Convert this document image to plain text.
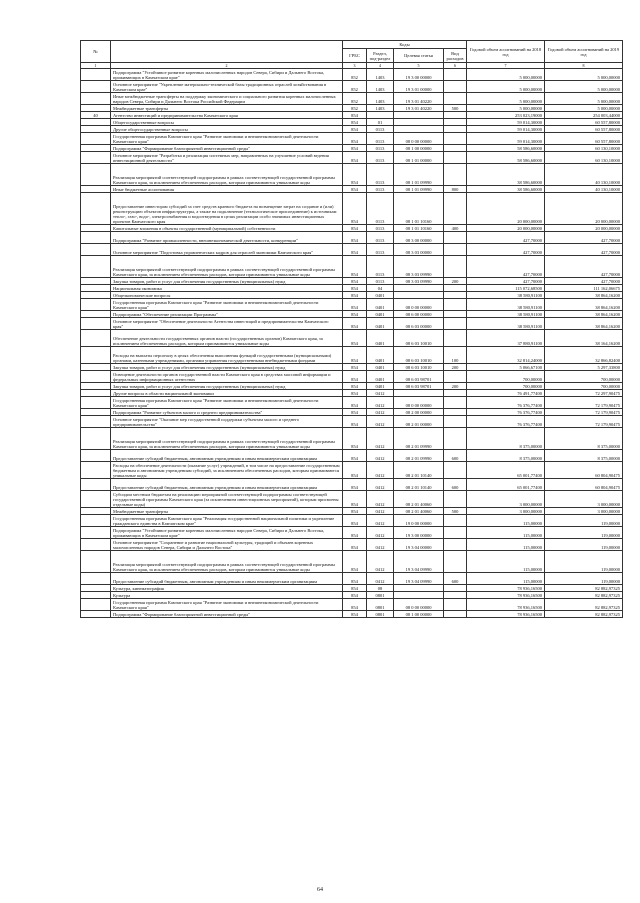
№		Коды				Годовой объем ассигнований на 2018 год	Годовой объем ассигнований на 2019 год
		ГРБС	Раздел, под-раздел	Целевая статья	Вид расходов		
1	2	3	4	5	6	7	8
	Подпрограмма "Устойчивое развитие коренных малочисленных народов Севера, Сибири и Дальнего Востока, проживающих в Камчатском крае"	852	1403	19 3 00 00000		5 000,00000	5 000,00000
	Основное мероприятие "Укрепление материально-технической базы традиционных отраслей хозяйствования в Камчатском крае"	852	1403	19 3 01 00000		5 000,00000	5 000,00000
	Иные межбюджетные трансферты на поддержку экономического и социального развития коренных малочисленных народов Севера, Сибири и Дальнего Востока Российской Федерации	852	1403	19 3 01 40220		5 000,00000	5 000,00000
	Межбюджетные трансферты	852	1403	19 3 01 40220	500	5 000,00000	5 000,00000
40	Агентство инвестиций и предпринимательства Камчатского края	854				253 023,19000	254 003,44000
	Общегосударственные вопросы	854	01			59 014,30000	60 557,80000
	Другие общегосударственные вопросы	854	0113			59 014,30000	60 557,80000
	Государственная программа Камчатского края "Развитие экономики и внешнеэкономической деятельности Камчатского края"	854	0113	08 0 00 00000		59 014,30000	60 557,80000
	Подпрограмма "Формирование благоприятной инвестиционной среды"	854	0113	08 1 00 00000		58 586,60000	60 130,10000
	Основное мероприятие "Разработка и реализация системных мер, направленных на улучшение условий ведения инвестиционной деятельности"	854	0113	08 1 01 00000		58 586,60000	60 130,10000
	Реализация мероприятий соответствующей подпрограммы в рамках соответствующей государственной программы Камчатского края, за исключением обеспеченных расходов, которым присваиваются уникальные коды	854	0113	08 1 01 09990		38 586,60000	40 130,10000
	Иные бюджетные ассигнования	854	0113	08 1 01 09990	800	38 586,60000	40 130,10000
	Предоставление инвесторам субсидий за счет средств краевого бюджета на возмещение затрат на создание и (или) реконструкцию объектов инфраструктуры, а также на подключение (технологическое присоединение) к источникам тепло-, газо-, водо-, электроснабжения и водоотведения в целях реализации особо значимых инвестиционных проектов Камчатского края	854	0113	08 1 01 10160		20 000,00000	20 000,00000
	Капитальные вложения в объекты государственной (муниципальной) собственности	854	0113	08 1 01 10160	400	20 000,00000	20 000,00000
	Подпрограмма "Развитие промышленности, внешнеэкономической деятельности, конкуренции"	854	0113	08 3 00 00000		427,70000	427,70000
	Основное мероприятие "Подготовка управленческих кадров для отраслей экономики Камчатского края"	854	0113	08 3 03 00000		427,70000	427,70000
	Реализация мероприятий соответствующей подпрограммы в рамках соответствующей государственной программы Камчатского края, за исключением обеспеченных расходов, которым присваиваются уникальные коды	854	0113	08 3 03 09990		427,70000	427,70000
	Закупка товаров, работ и услуг для обеспечения государственных (муниципальных) нужд	854	0113	08 3 03 09990	200	427,70000	427,70000
	Национальная экономика	854	04			115 072,68500	111 162,06675
	Общеэкономические вопросы	854	0401			38 580,91100	38 864,16200
	Государственная программа Камчатского края "Развитие экономики и внешнеэкономической деятельности Камчатского края"	854	0401	08 0 00 00000		38 580,91100	38 864,16200
	Подпрограмма "Обеспечение реализации Программы"	854	0401	08 6 00 00000		38 580,91100	38 864,16200
	Основное мероприятие "Обеспечение деятельности Агентства инвестиций и предпринимательства Камчатского края"	854	0401	08 6 03 00000		38 580,91100	38 864,16200
	Обеспечение деятельности государственных органов власти (государственных органов) Камчатского края, за исключением обеспеченных расходов, которым присваиваются уникальные коды	854	0401	08 6 03 10010		37 880,91100	38 164,16200
	Расходы на выплаты персоналу в целях обеспечения выполнения функций государственными (муниципальными) органами, казенными учреждениями, органами управления государственными внебюджетными фондами	854	0401	08 6 03 10010	100	32 814,24000	32 866,82400
	Закупка товаров, работ и услуг для обеспечения государственных (муниципальных) нужд	854	0401	08 6 03 10010	200	5 066,67100	5 297,33800
	Освещение деятельности органов государственной власти Камчатского края в средствах массовой информации и федеральных информационных агентствах	854	0401	08 6 03 98701		700,00000	700,00000
	Закупка товаров, работ и услуг для обеспечения государственных (муниципальных) нужд	854	0401	08 6 03 98701	200	700,00000	700,00000
	Другие вопросы в области национальной экономики	854	0412			76 491,77400	72 297,90475
	Государственная программа Камчатского края "Развитие экономики и внешнеэкономической деятельности Камчатского края"	854	0412	08 0 00 00000		76 376,77400	72 179,90475
	Подпрограмма "Развитие субъектов малого и среднего предпринимательства"	854	0412	08 2 00 00000		76 376,77400	72 179,90475
	Основное мероприятие "Оказание мер государственной поддержки субъектам малого и среднего предпринимательства"	854	0412	08 2 01 00000		76 376,77400	72 179,90475
	Реализация мероприятий соответствующей подпрограммы в рамках соответствующей государственной программы Камчатского края, за исключением обеспеченных расходов, которым присваиваются уникальные коды	854	0412	08 2 01 09990		8 375,00000	8 375,00000
	Предоставление субсидий бюджетным, автономным учреждениям и иным некоммерческим организациям	854	0412	08 2 01 09990	600	8 375,00000	8 375,00000
	Расходы на обеспечение деятельности (оказание услуг) учреждений, в том числе на предоставление государственным бюджетным и автономным учреждениям субсидий, за исключением обеспеченных расходов, которым присваиваются уникальные коды	854	0412	08 2 01 10140		65 001,77400	60 804,90475
	Предоставление субсидий бюджетным, автономным учреждениям и иным некоммерческим организациям	854	0412	08 2 01 10140	600	65 001,77400	60 804,90475
	Субсидии местным бюджетам на реализацию мероприятий соответствующей подпрограммы соответствующей государственной программы Камчатского края (за исключением инвестиционных мероприятий), которым присвоены отдельные коды)	854	0412	08 2 01 40060		3 000,00000	3 000,00000
	Межбюджетные трансферты	854	0412	08 2 01 40060	500	3 000,00000	3 000,00000
	Государственная программа Камчатского края "Реализация государственной национальной политики и укрепление гражданского единства в Камчатском крае"	854	0412	19 0 00 00000		115,00000	119,00000
	Подпрограмма "Устойчивое развитие коренных малочисленных народов Севера, Сибири и Дальнего Востока, проживающих в Камчатском крае"	854	0412	19 3 00 00000		115,00000	119,00000
	Основное мероприятие "Сохранение и развитие национальной культуры, традиций и обычаев коренных малочисленных народов Севера, Сибири и Дальнего Востока"	854	0412	19 3 04 00000		115,00000	119,00000
	Реализация мероприятий соответствующей подпрограммы в рамках соответствующей государственной программы Камчатского края, за исключением обеспеченных расходов, которым присваиваются уникальные коды	854	0412	19 3 04 09990		115,00000	119,00000
	Предоставление субсидий бюджетным, автономным учреждениям и иным некоммерческим организациям	854	0412	19 3 04 09990	600	115,00000	119,00000
	Культура, кинематография	854	08			78 936,16500	82 882,97325
	Культура	854	0801			78 936,16500	82 882,97325
	Государственная программа Камчатского края "Развитие экономики и внешнеэкономической деятельности Камчатского края"	854	0801	08 0 00 00000		78 936,16500	82 882,97325
	Подпрограмма "Формирование благоприятной инвестиционной среды"	854	0801	08 1 00 00000		78 936,16500	82 882,97325
64
